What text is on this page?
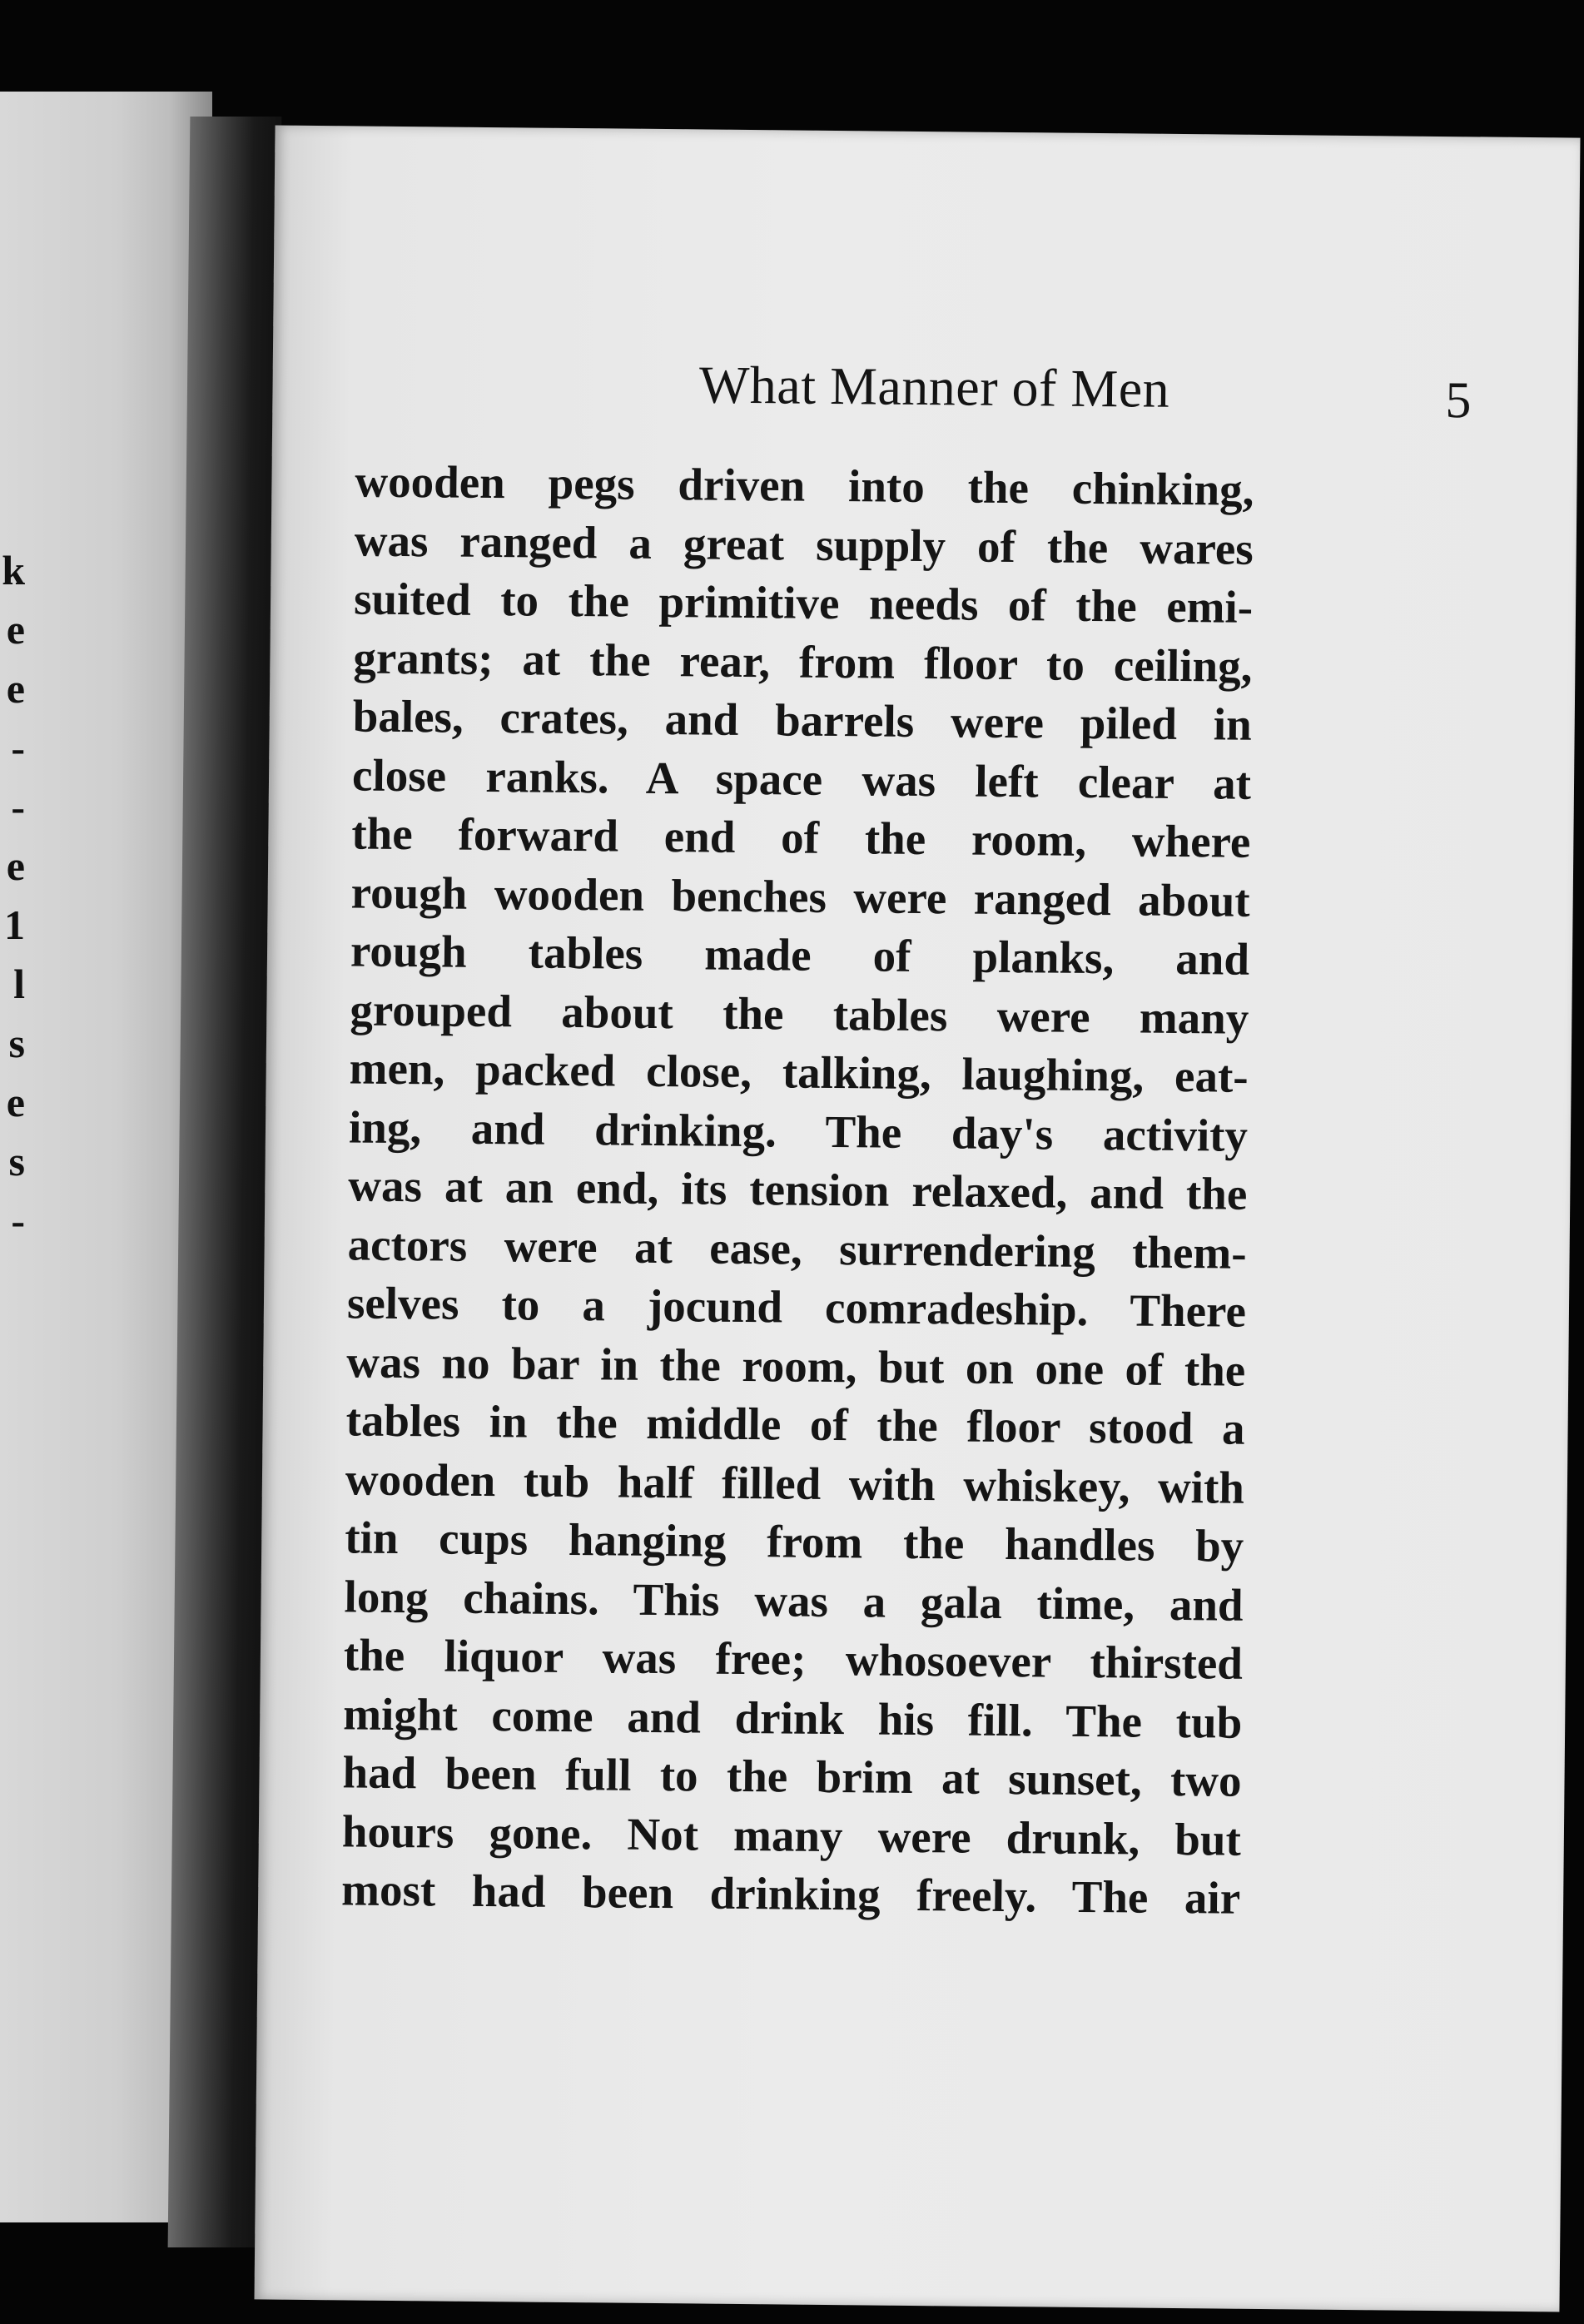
k
e
e
-
-
e
1
l
s
e
s
-
What Manner of Men	5
wooden pegs driven into the chinking,
was ranged a great supply of the wares
suited to the primitive needs of the emi-
grants; at the rear, from floor to ceiling,
bales, crates, and barrels were piled in
close ranks. A space was left clear at
the forward end of the room, where
rough wooden benches were ranged about
rough tables made of planks, and
grouped about the tables were many
men, packed close, talking, laughing, eat-
ing, and drinking. The day's activity
was at an end, its tension relaxed, and the
actors were at ease, surrendering them-
selves to a jocund comradeship. There
was no bar in the room, but on one of the
tables in the middle of the floor stood a
wooden tub half filled with whiskey, with
tin cups hanging from the handles by
long chains. This was a gala time, and
the liquor was free; whosoever thirsted
might come and drink his fill. The tub
had been full to the brim at sunset, two
hours gone. Not many were drunk, but
most had been drinking freely. The air
